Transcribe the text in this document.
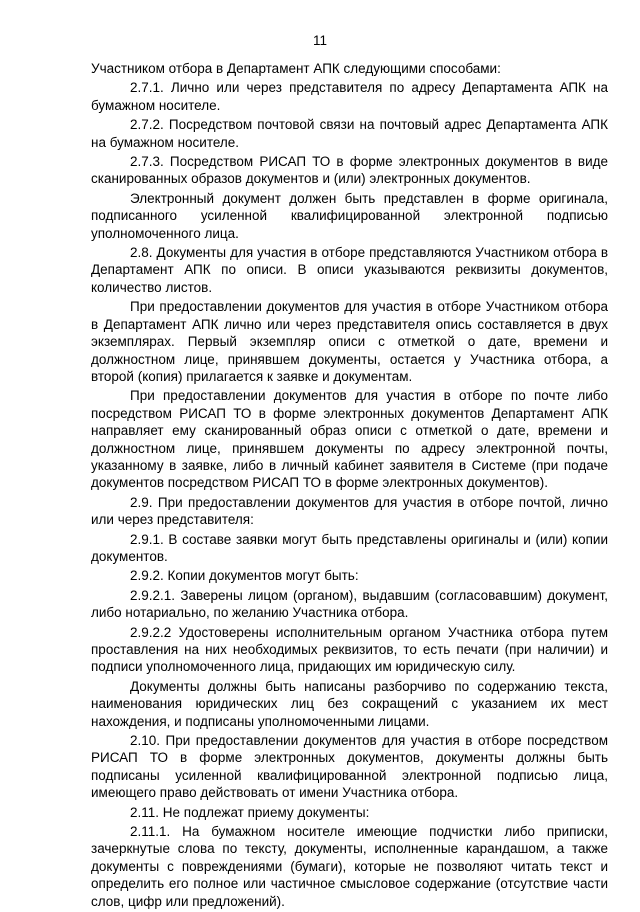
11

Участником отбора в Департамент АПК следующими способами:

2.7.1. Лично или через представителя по адресу Департамента АПК на бумажном носителе.

2.7.2. Посредством почтовой связи на почтовый адрес Департамента АПК на бумажном носителе.

2.7.3. Посредством РИСАП ТО в форме электронных документов в виде сканированных образов документов и (или) электронных документов.

Электронный документ должен быть представлен в форме оригинала, подписанного усиленной квалифицированной электронной подписью уполномоченного лица.

2.8. Документы для участия в отборе представляются Участником отбора в Департамент АПК по описи. В описи указываются реквизиты документов, количество листов.

При предоставлении документов для участия в отборе Участником отбора в Департамент АПК лично или через представителя опись составляется в двух экземплярах. Первый экземпляр описи с отметкой о дате, времени и должностном лице, принявшем документы, остается у Участника отбора, а второй (копия) прилагается к заявке и документам.

При предоставлении документов для участия в отборе по почте либо посредством РИСАП ТО в форме электронных документов Департамент АПК направляет ему сканированный образ описи с отметкой о дате, времени и должностном лице, принявшем документы по адресу электронной почты, указанному в заявке, либо в личный кабинет заявителя в Системе (при подаче документов посредством РИСАП ТО в форме электронных документов).

2.9. При предоставлении документов для участия в отборе почтой, лично или через представителя:

2.9.1. В составе заявки могут быть представлены оригиналы и (или) копии документов.

2.9.2. Копии документов могут быть:

2.9.2.1. Заверены лицом (органом), выдавшим (согласовавшим) документ, либо нотариально, по желанию Участника отбора.

2.9.2.2 Удостоверены исполнительным органом Участника отбора путем проставления на них необходимых реквизитов, то есть печати (при наличии) и подписи уполномоченного лица, придающих им юридическую силу.

Документы должны быть написаны разборчиво по содержанию текста, наименования юридических лиц без сокращений с указанием их мест нахождения, и подписаны уполномоченными лицами.

2.10. При предоставлении документов для участия в отборе посредством РИСАП ТО в форме электронных документов, документы должны быть подписаны усиленной квалифицированной электронной подписью лица, имеющего право действовать от имени Участника отбора.

2.11. Не подлежат приему документы:

2.11.1. На бумажном носителе имеющие подчистки либо приписки, зачеркнутые слова по тексту, документы, исполненные карандашом, а также документы с повреждениями (бумаги), которые не позволяют читать текст и определить его полное или частичное смысловое содержание (отсутствие части слов, цифр или предложений).
